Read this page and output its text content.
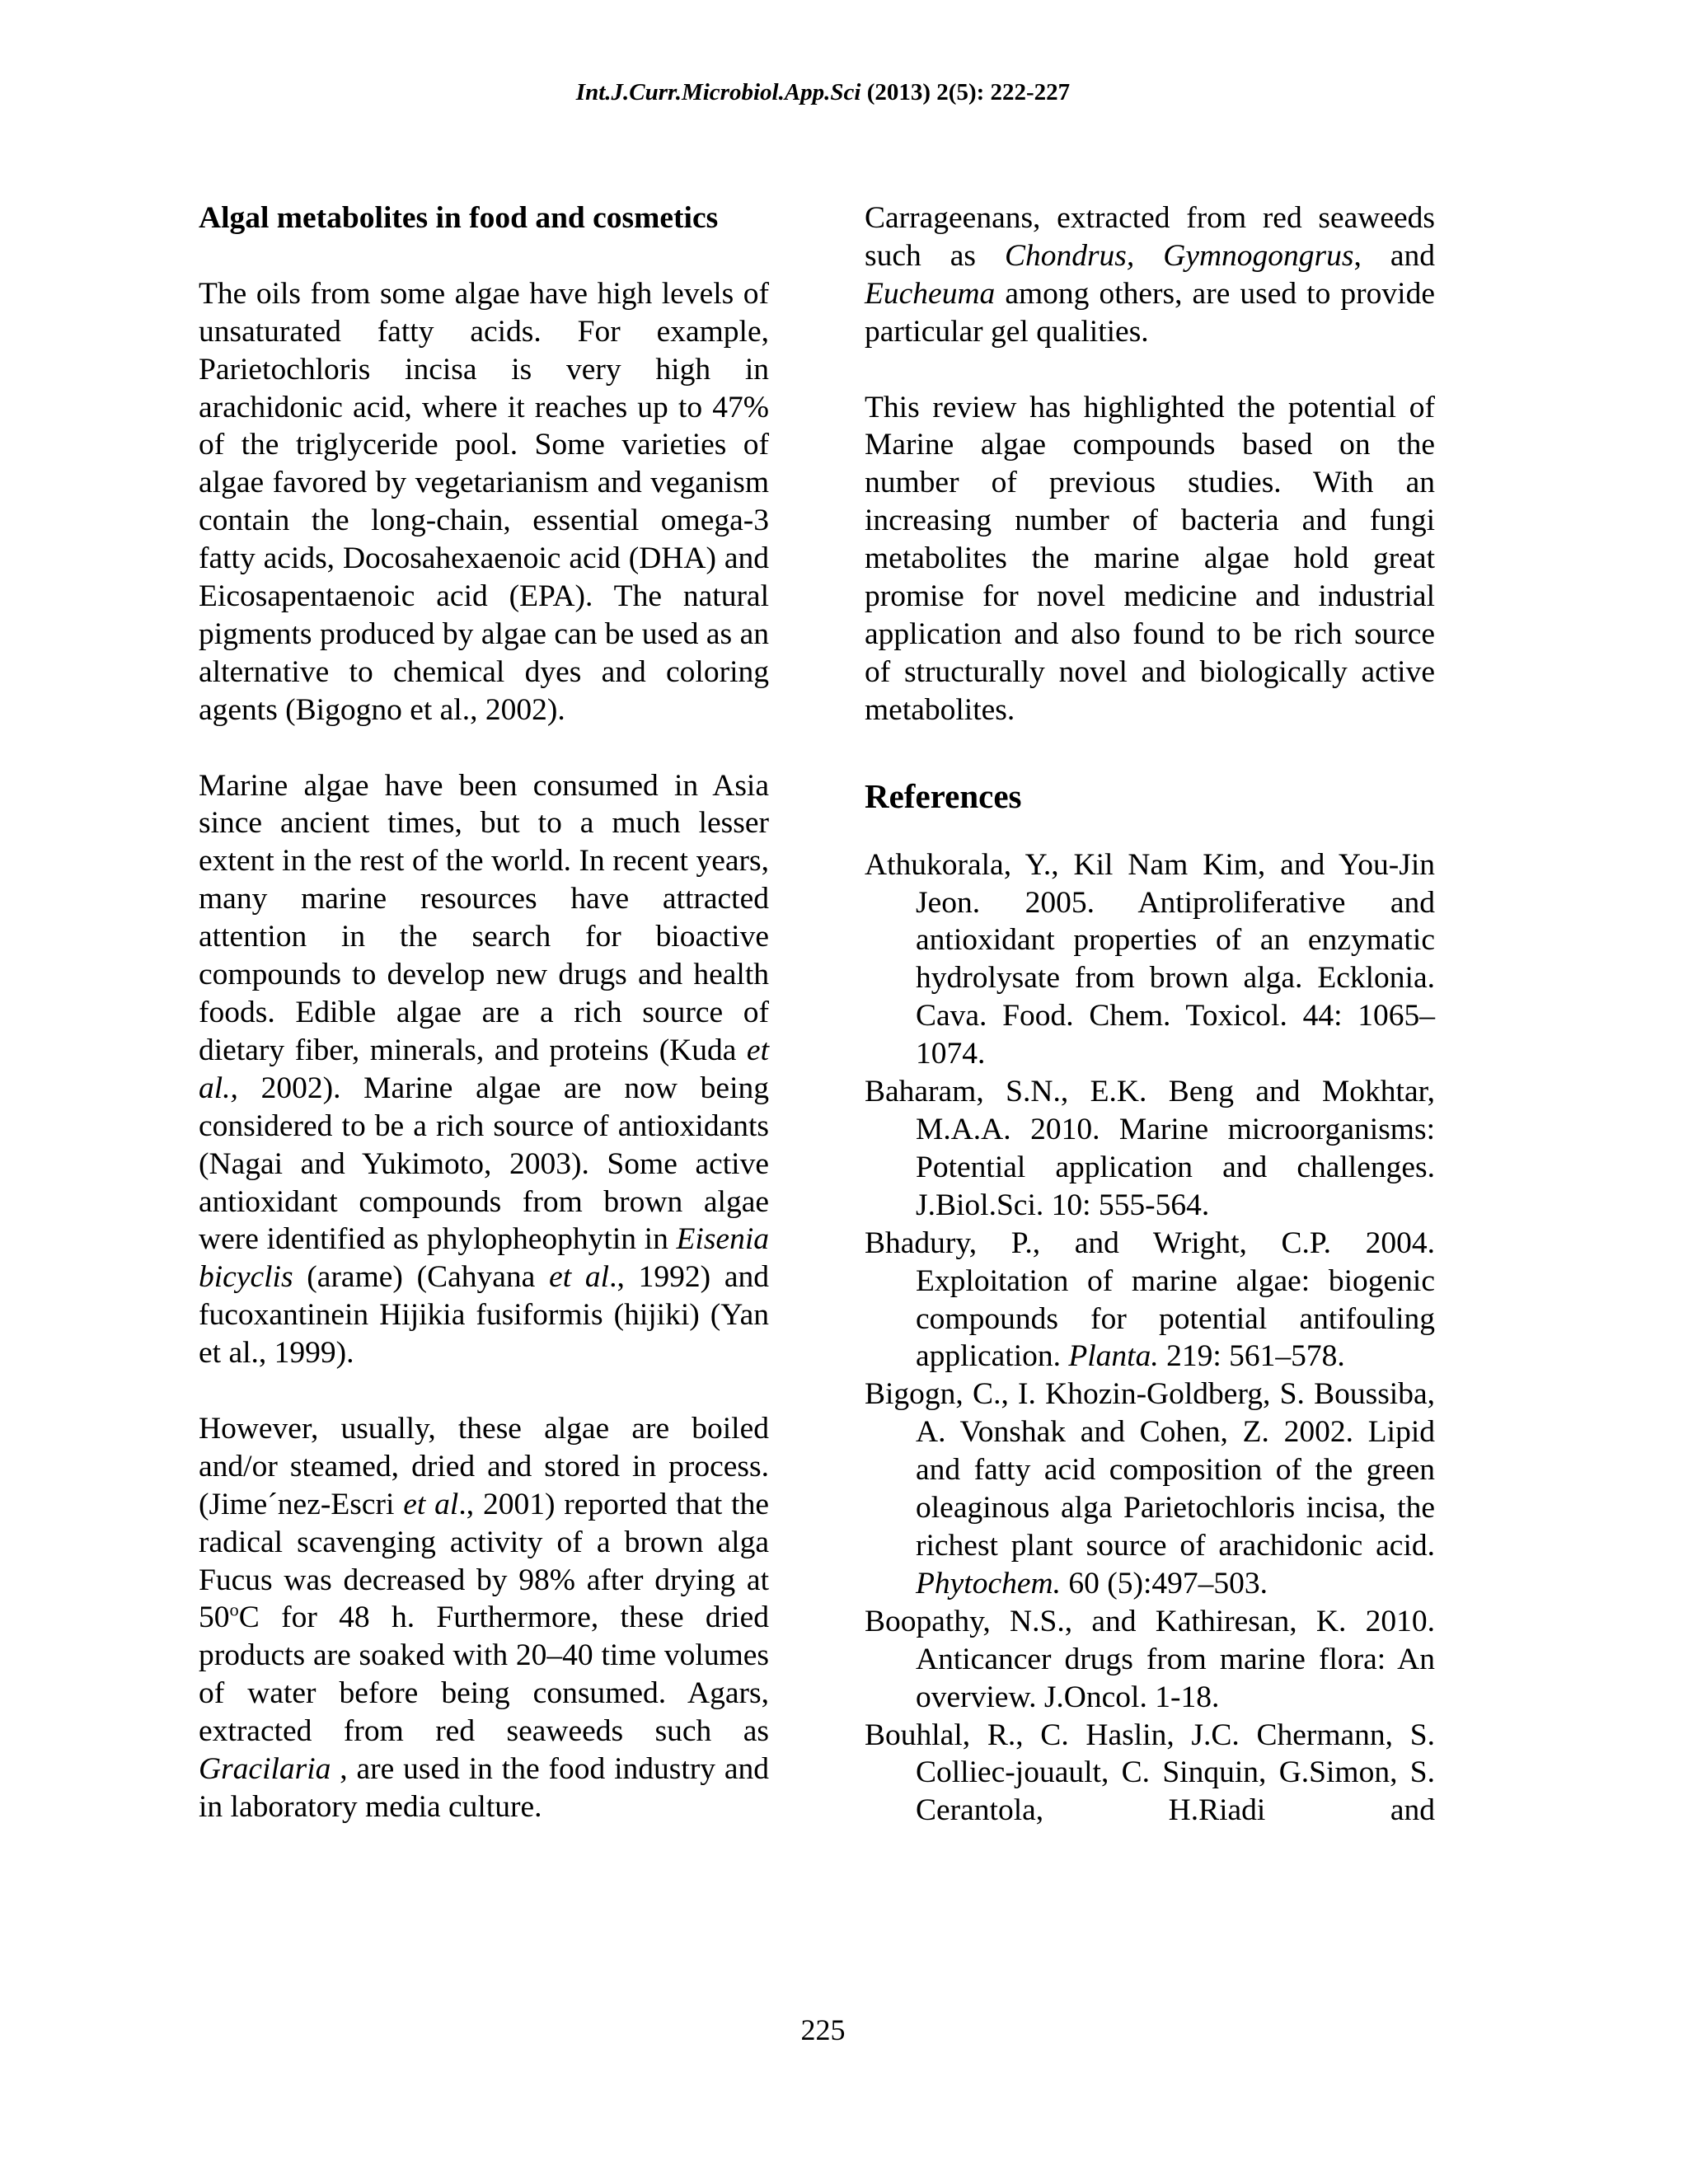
Int.J.Curr.Microbiol.App.Sci (2013) 2(5): 222-227
Algal metabolites in food and cosmetics

The oils from some algae have high levels of unsaturated fatty acids. For example, Parietochloris incisa is very high in arachidonic acid, where it reaches up to 47% of the triglyceride pool. Some varieties of algae favored by vegetarianism and veganism contain the long-chain, essential omega-3 fatty acids, Docosahexaenoic acid (DHA) and Eicosapentaenoic acid (EPA). The natural pigments produced by algae can be used as an alternative to chemical dyes and coloring agents (Bigogno et al., 2002).

Marine algae have been consumed in Asia since ancient times, but to a much lesser extent in the rest of the world. In recent years, many marine resources have attracted attention in the search for bioactive compounds to develop new drugs and health foods. Edible algae are a rich source of dietary fiber, minerals, and proteins (Kuda et al., 2002). Marine algae are now being considered to be a rich source of antioxidants (Nagai and Yukimoto, 2003). Some active antioxidant compounds from brown algae were identified as phylopheophytin in Eisenia bicyclis (arame) (Cahyana et al., 1992) and fucoxantinein Hijikia fusiformis (hijiki) (Yan et al., 1999).

However, usually, these algae are boiled and/or steamed, dried and stored in process. (Jime´nez-Escri et al., 2001) reported that the radical scavenging activity of a brown alga Fucus was decreased by 98% after drying at 50$^o$C for 48 h. Furthermore, these dried products are soaked with 20–40 time volumes of water before being consumed. Agars, extracted from red seaweeds such as Gracilaria , are used in the food industry and in laboratory media culture.

Carrageenans, extracted from red seaweeds such as Chondrus, Gymnogongrus, and Eucheuma among others, are used to provide particular gel qualities.

This review has highlighted the potential of Marine algae compounds based on the number of previous studies. With an increasing number of bacteria and fungi metabolites the marine algae hold great promise for novel medicine and industrial application and also found to be rich source of structurally novel and biologically active metabolites.

References

Athukorala, Y., Kil Nam Kim, and You-Jin Jeon. 2005. Antiproliferative and antioxidant properties of an enzymatic hydrolysate from brown alga. Ecklonia. Cava. Food. Chem. Toxicol. 44: 1065–1074.

Baharam, S.N., E.K. Beng and Mokhtar, M.A.A. 2010. Marine microorganisms: Potential application and challenges. J.Biol.Sci. 10: 555-564.

Bhadury, P., and Wright, C.P. 2004. Exploitation of marine algae: biogenic compounds for potential antifouling application. Planta. 219: 561–578.

Bigogn, C., I. Khozin-Goldberg, S. Boussiba, A. Vonshak and Cohen, Z. 2002. Lipid and fatty acid composition of the green oleaginous alga Parietochloris incisa, the richest plant source of arachidonic acid. Phytochem. 60 (5):497–503.

Boopathy, N.S., and Kathiresan, K. 2010. Anticancer drugs from marine flora: An overview. J.Oncol. 1-18.

Bouhlal, R., C. Haslin, J.C. Chermann, S. Colliec-jouault, C. Sinquin, G.Simon, S. Cerantola, H.Riadi and

225
